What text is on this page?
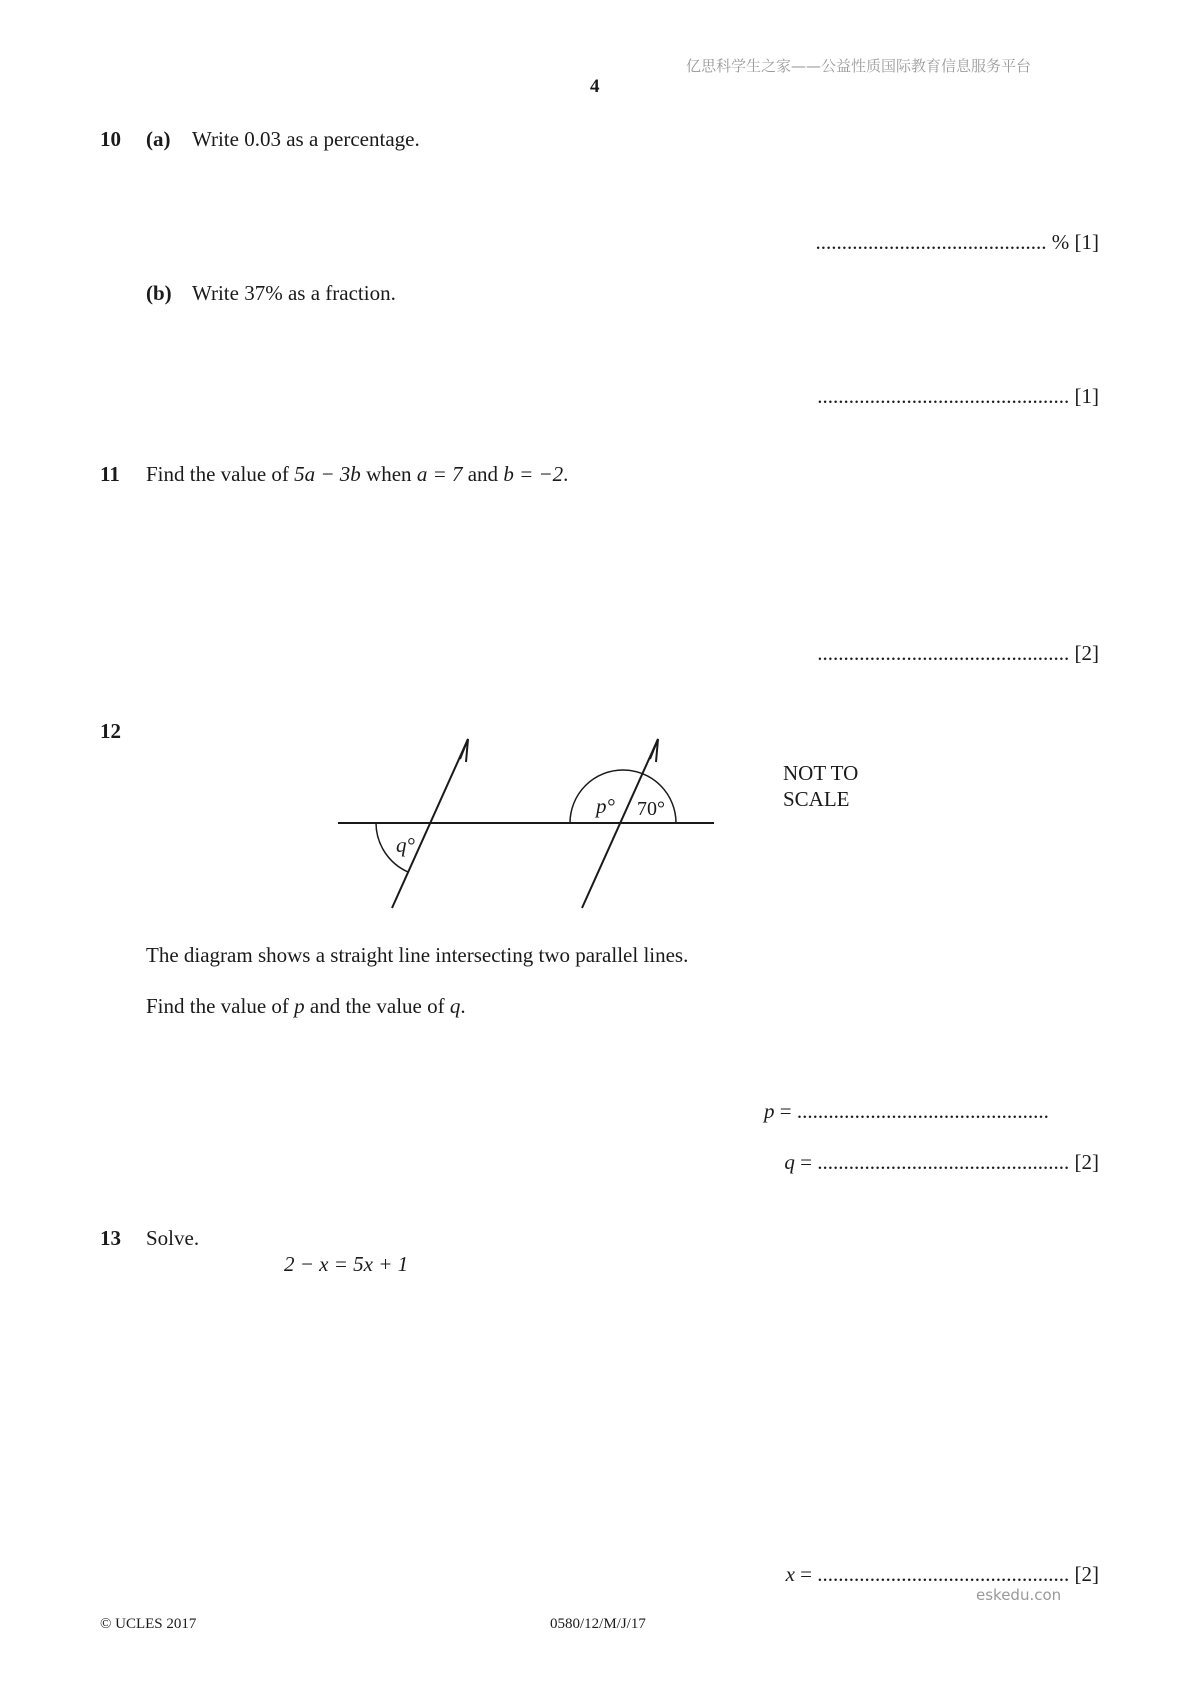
亿思科学生之家——公益性质国际教育信息服务平台
4
10 (a) Write 0.03 as a percentage.
............................................ % [1]
(b) Write 37% as a fraction.
................................................ [1]
11 Find the value of 5a − 3b when a = 7 and b = −2.
................................................ [2]
12
p° 70°
q°
NOT TO
SCALE
The diagram shows a straight line intersecting two parallel lines.
Find the value of p and the value of q.
p = ................................................
q = ................................................ [2]
13 Solve.
2 − x = 5x + 1
x = ................................................ [2]
eskedu.con
© UCLES 2017	0580/12/M/J/17
